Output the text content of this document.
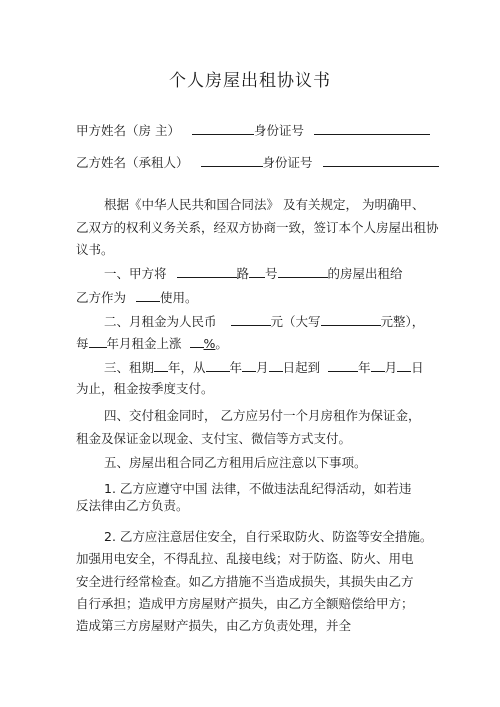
个人房屋出租协议书
甲方姓名（房 主）	身份证号
乙方姓名（承租人）	身份证号
根据《中华人民共和国合同法》 及有关规定， 为明确甲、
乙双方的权利义务关系，经双方协商一致，签订本个人房屋出租协
议书。
一、甲方将	路 号	的房屋出租给
乙方作为	使用。
二、月租金为人民币	元（大写	元整），
每 年月租金上涨 %。
三、租期 年，从 年 月 日起到	年 月 日
为止，租金按季度支付。
四、交付租金同时， 乙方应另付一个月房租作为保证金，
租金及保证金以现金、支付宝、微信等方式支付。
五、房屋出租合同乙方租用后应注意以下事项。
1. 乙方应遵守中国 法律，不做违法乱纪得活动，如若违
反法律由乙方负责。
2. 乙方应注意居住安全，自行采取防火、防盗等安全措施。
加强用电安全，不得乱拉、乱接电线；对于防盗、防火、用电
安全进行经常检查。如乙方措施不当造成损失，其损失由乙方
自行承担；造成甲方房屋财产损失，由乙方全额赔偿给甲方；
造成第三方房屋财产损失，由乙方负责处理，并全
